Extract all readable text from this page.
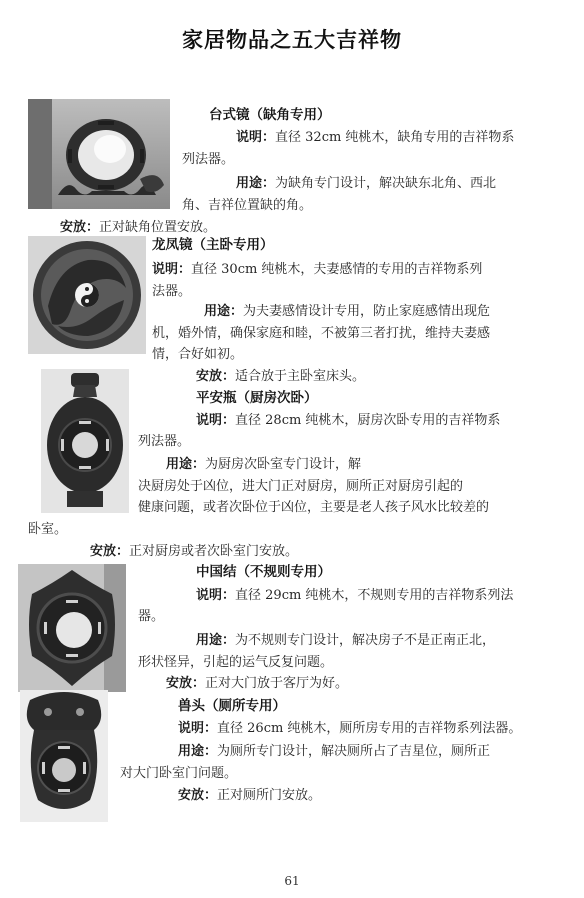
家居物品之五大吉祥物
台式镜（缺角专用）
说明：直径 32cm 纯桃木，缺角专用的吉祥物系
列法器。
用途：为缺角专门设计，解决缺东北角、西北
角、吉祥位置缺的角。
安放：正对缺角位置安放。
龙凤镜（主卧专用）
说明：直径 30cm 纯桃木，夫妻感情的专用的吉祥物系列
法器。
用途：为夫妻感情设计专用，防止家庭感情出现危
机，婚外情，确保家庭和睦，不被第三者打扰，维持夫妻感
情，合好如初。
安放：适合放于主卧室床头。
平安瓶（厨房次卧）
说明：直径 28cm 纯桃木，厨房次卧专用的吉祥物系
列法器。
用途：为厨房次卧室专门设计，解
决厨房处于凶位，进大门正对厨房，厕所正对厨房引起的
健康问题，或者次卧位于凶位，主要是老人孩子风水比较差的
卧室。
安放：正对厨房或者次卧室门安放。
中国结（不规则专用）
说明：直径 29cm 纯桃木，不规则专用的吉祥物系列法
器。
用途：为不规则专门设计，解决房子不是正南正北，
形状怪异，引起的运气反复问题。
安放：正对大门放于客厅为好。
兽头（厕所专用）
说明：直径 26cm 纯桃木，厕所房专用的吉祥物系列法器。
用途：为厕所专门设计，解决厕所占了吉星位，厕所正
对大门卧室门问题。
安放：正对厕所门安放。
61
